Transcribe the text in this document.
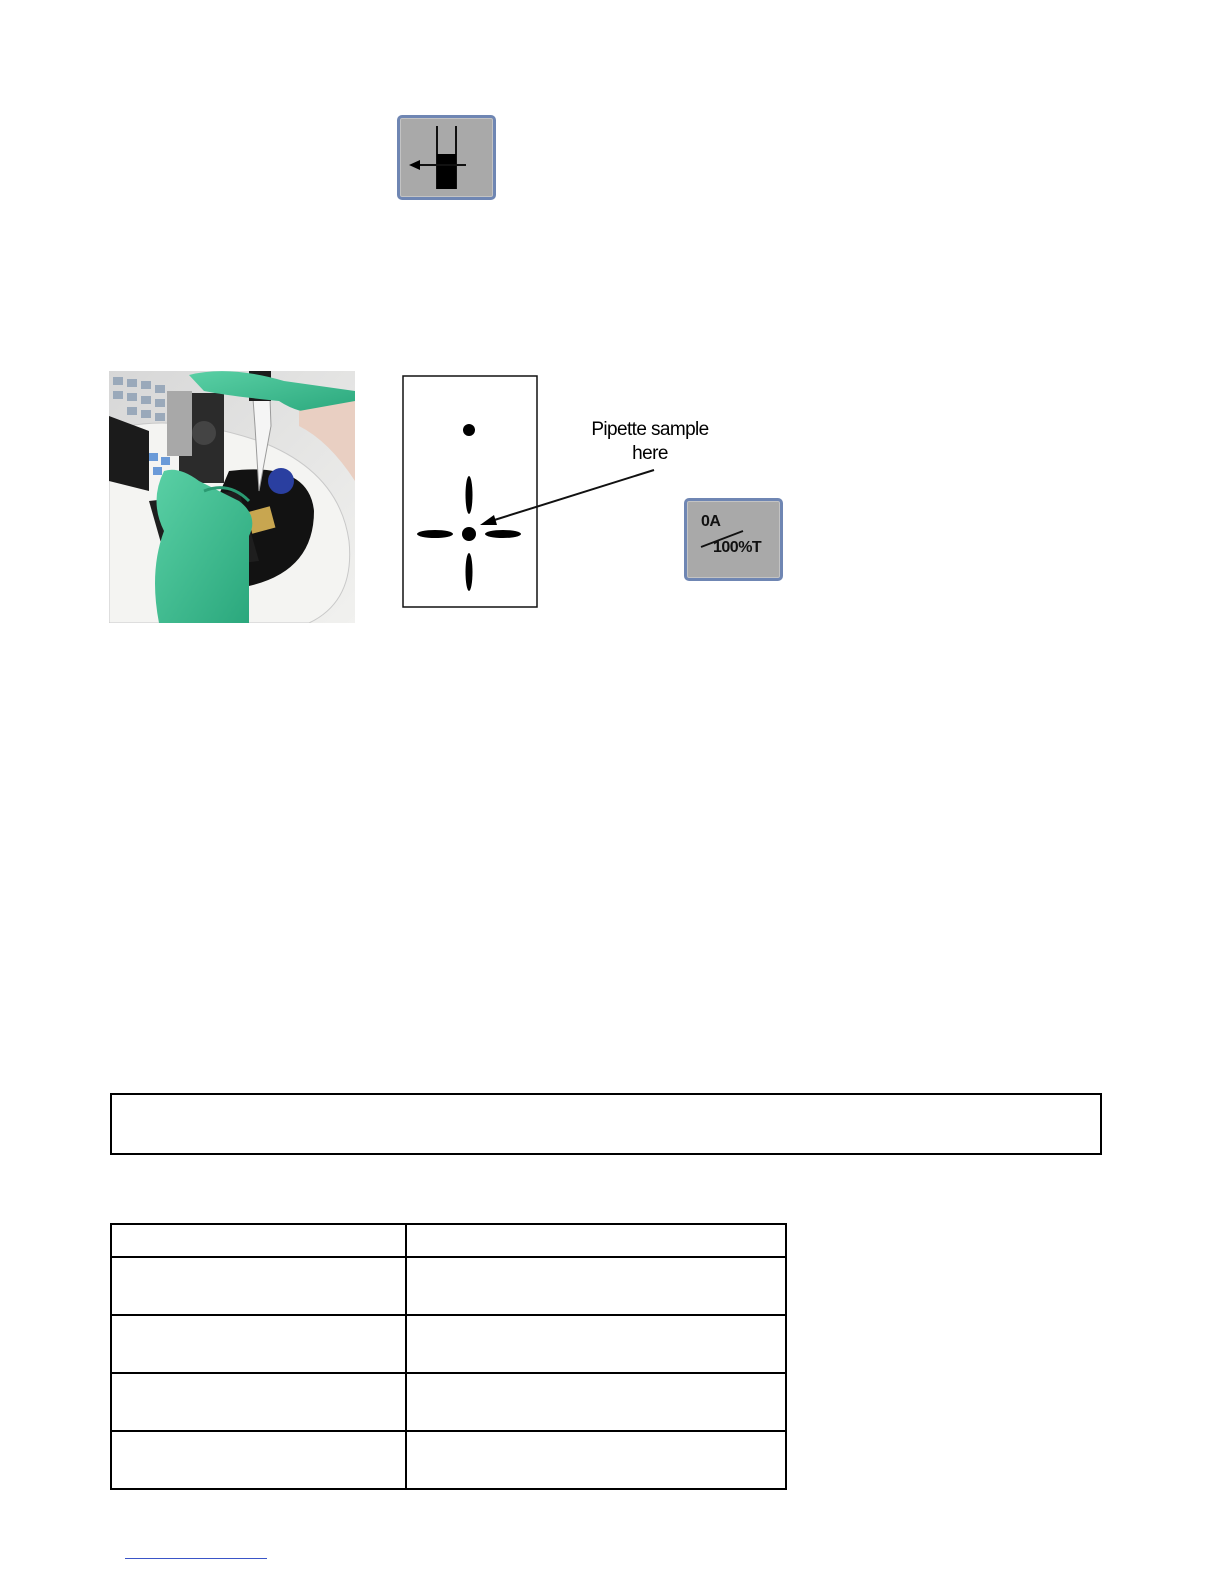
Pipette sample
here
0A
100%T
